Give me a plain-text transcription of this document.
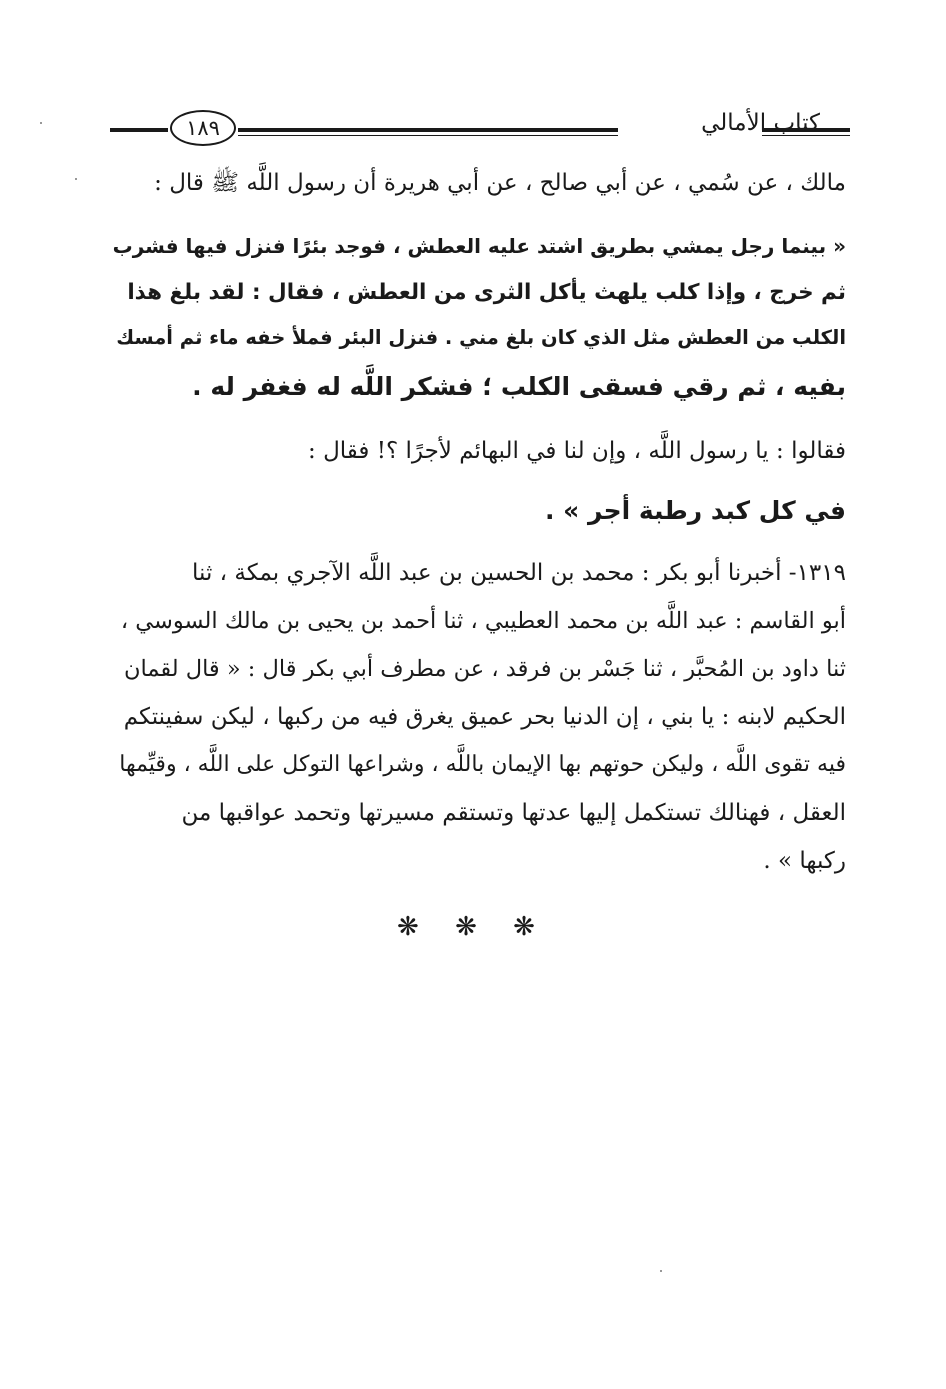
١٨٩	كتاب الأمالي
مالك ، عن سُمي ، عن أبي صالح ، عن أبي هريرة أن رسول اللَّه ﷺ قال :
« بينما رجل يمشي بطريق اشتد عليه العطش ، فوجد بئرًا فنزل فيها فشرب
ثم خرج ، وإذا كلب يلهث يأكل الثرى من العطش ، فقال : لقد بلغ هذا
الكلب من العطش مثل الذي كان بلغ مني . فنزل البئر فملأ خفه ماء ثم أمسك
بفيه ، ثم رقي فسقى الكلب ؛ فشكر اللَّه له فغفر له .
فقالوا : يا رسول اللَّه ، وإن لنا في البهائم لأجرًا ؟! فقال :
في كل كبد رطبة أجر » .
١٣١٩- أخبرنا أبو بكر : محمد بن الحسين بن عبد اللَّه الآجري بمكة ، ثنا
أبو القاسم : عبد اللَّه بن محمد العطيبي ، ثنا أحمد بن يحيى بن مالك السوسي ،
ثنا داود بن المُحبَّر ، ثنا جَسْر بن فرقد ، عن مطرف أبي بكر قال : « قال لقمان
الحكيم لابنه : يا بني ، إن الدنيا بحر عميق يغرق فيه من ركبها ، ليكن سفينتكم
فيه تقوى اللَّه ، وليكن حوتهم بها الإيمان باللَّه ، وشراعها التوكل على اللَّه ، وقيِّمها
العقل ، فهنالك تستكمل إليها عدتها وتستقم مسيرتها وتحمد عواقبها من
ركبها » .
❋ ❋ ❋
